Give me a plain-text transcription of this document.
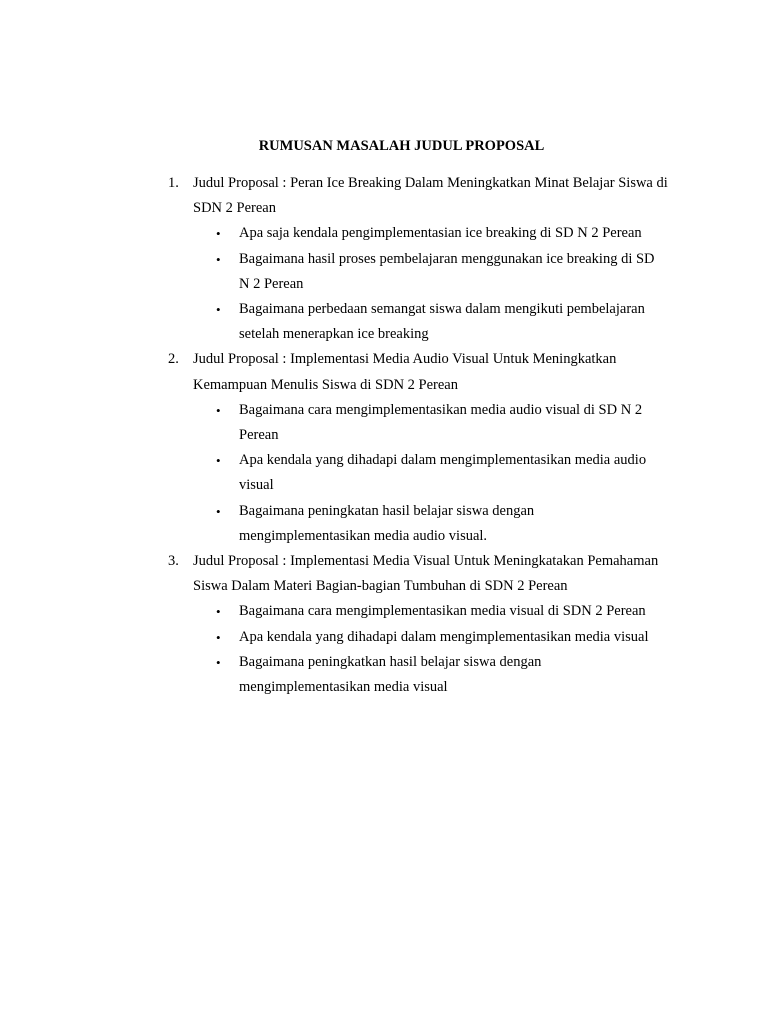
RUMUSAN MASALAH JUDUL PROPOSAL
1. Judul Proposal : Peran Ice Breaking Dalam Meningkatkan Minat Belajar Siswa di SDN 2 Perean
• Apa saja kendala pengimplementasian ice breaking di SD N 2 Perean
• Bagaimana hasil proses pembelajaran menggunakan ice breaking di SD N 2 Perean
• Bagaimana perbedaan semangat siswa dalam mengikuti pembelajaran setelah menerapkan ice breaking
2. Judul Proposal : Implementasi Media Audio Visual Untuk Meningkatkan Kemampuan Menulis Siswa di SDN 2 Perean
• Bagaimana cara mengimplementasikan media audio visual di SD N 2 Perean
• Apa kendala yang dihadapi dalam mengimplementasikan media audio visual
• Bagaimana peningkatan hasil belajar siswa dengan mengimplementasikan media audio visual.
3. Judul Proposal : Implementasi Media Visual Untuk Meningkatakan Pemahaman Siswa Dalam Materi Bagian-bagian Tumbuhan di SDN 2 Perean
• Bagaimana cara mengimplementasikan media visual di SDN 2 Perean
• Apa kendala yang dihadapi dalam mengimplementasikan media visual
• Bagaimana peningkatkan hasil belajar siswa dengan mengimplementasikan media visual
